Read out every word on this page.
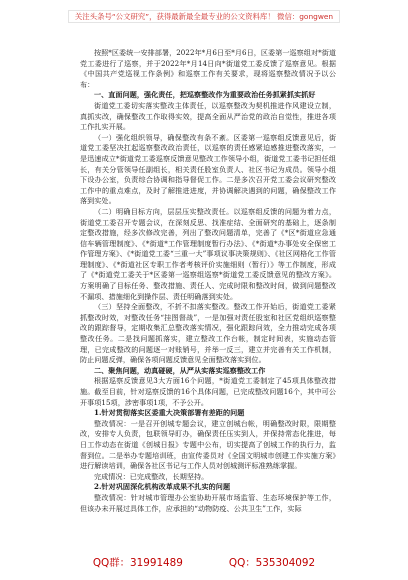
关注头条号“公文研究”，获得最新最全最专业的公文资料库！ 微信：gongwen

按照*区委统一安排部署，2022年*月6日至*月6日，区委第一巡察组对*街道党工委进行了巡察，并于2022年*月14日向*街道党工委反馈了巡察意见。根据《中国共产党巡视工作条例》和巡察工作有关要求，现将巡察整改情况予以公布：

一、直面问题，强化责任，把巡察整改作为重要政治任务抓紧抓实抓好

街道党工委切实落实整改主体责任，以巡察整改为契机推进作风建设立制，真抓实改，确保整改工作取得实效，提高全面从严治党的政治自觉性，推进各项工作扎实开展。

（一）强化组织领导，确保整改有条不紊。区委第一巡察组反馈意见后，街道党工委坚决扛起巡察整改政治责任，以巡察的责任感紧迫感推进整改落实，一是迅速成立*街道党工委巡察反馈意见整改工作领导小组，街道党工委书记担任组长，有关分管领导任副组长，相关责任股室负责人、社区书记为成员。领导小组下设办公室，负责综合协调和指导督促工作。二是多次召开党工委会议研究整改工作中的重点难点，及时了解推进进度，并协调解决遇到的问题，确保整改工作落到实处。

（二）明确目标方向，层层压实整改责任。以巡察组反馈的问题为着力点，街道党工委召开专题会议，在深刻反思、找准症结、全面研究的基础上，逐条制定整改措施，经多次修改完善，列出了整改问题清单，完善了《*区*街道应急通信车辆管理制度》、《*街道*工作管理制度暂行办法》、《*街道*办事处安全保密工作管理方案》、《*街道党工委“三重一大”事项议事决策规则》、《社区网格化工作管理制度》、《*街道社区专职工作者考核评价实施细则（暂行）》等工作制度，形成了《*街道党工委关于*区委第一巡察组巡察*街道党工委反馈意见的整改方案》。方案明确了目标任务、整改措施、责任人、完成时限和整改时间，做到问题整改不漏项、措施细化到操作层、责任明确落到实处。

（三）坚持全面整改，不折不扣落实整改。整改工作开始后，街道党工委紧抓整改时效，对整改任务“挂图督战”，一是加强对责任股室和社区党组织巡察整改的跟踪督导，定期收集汇总整改落实情况，强化跟踪问效，全力推动完成各项整改任务。二是找问题抓落实，建立整改工作台帐，制定时间表，实施动态管理，已完成整改的问题逐一对账销号，并举一反三，建立并完善有关工作机制，防止问题反弹，确保各项问题反馈意见全面整改落实到位。

二、聚焦问题，动真碰硬，从严从实落实巡察整改工作

根据巡察反馈意见3大方面16个问题，*街道党工委制定了45项具体整改措施。截至目前，针对巡察反馈的16个具体问题，已完成整改问题16个，其中可公开事项15项，涉密事项1项，不予公开。

1.针对贯彻落实区委重大决策部署有差距的问题

整改情况：一是召开创城专题会议，建立创城台帐，明确整改时限，限期整改，安排专人负责，包联领导盯办，确保责任压实到人，并保持常态化推进，每日工作动态在街道《创城日报》专题中公布，切实提高了创城工作的执行力，监督到位。二是举办专题培训班，由宣传委员对《全国文明城市创建工作实施方案》进行解读培训，确保各社区书记与工作人员对创城测评标准熟练掌握。

完成情况：已完成整改，长期坚持。

2.针对巩固深化机构改革成果不扎实的问题

整改情况：针对城市管理办公室协助开展市场监管、生态环境保护等工作，但该办未开展过具体工作，应承担的“动物防疫、公共卫生”工作，实际

QQ群：31991489	QQ：535304092
